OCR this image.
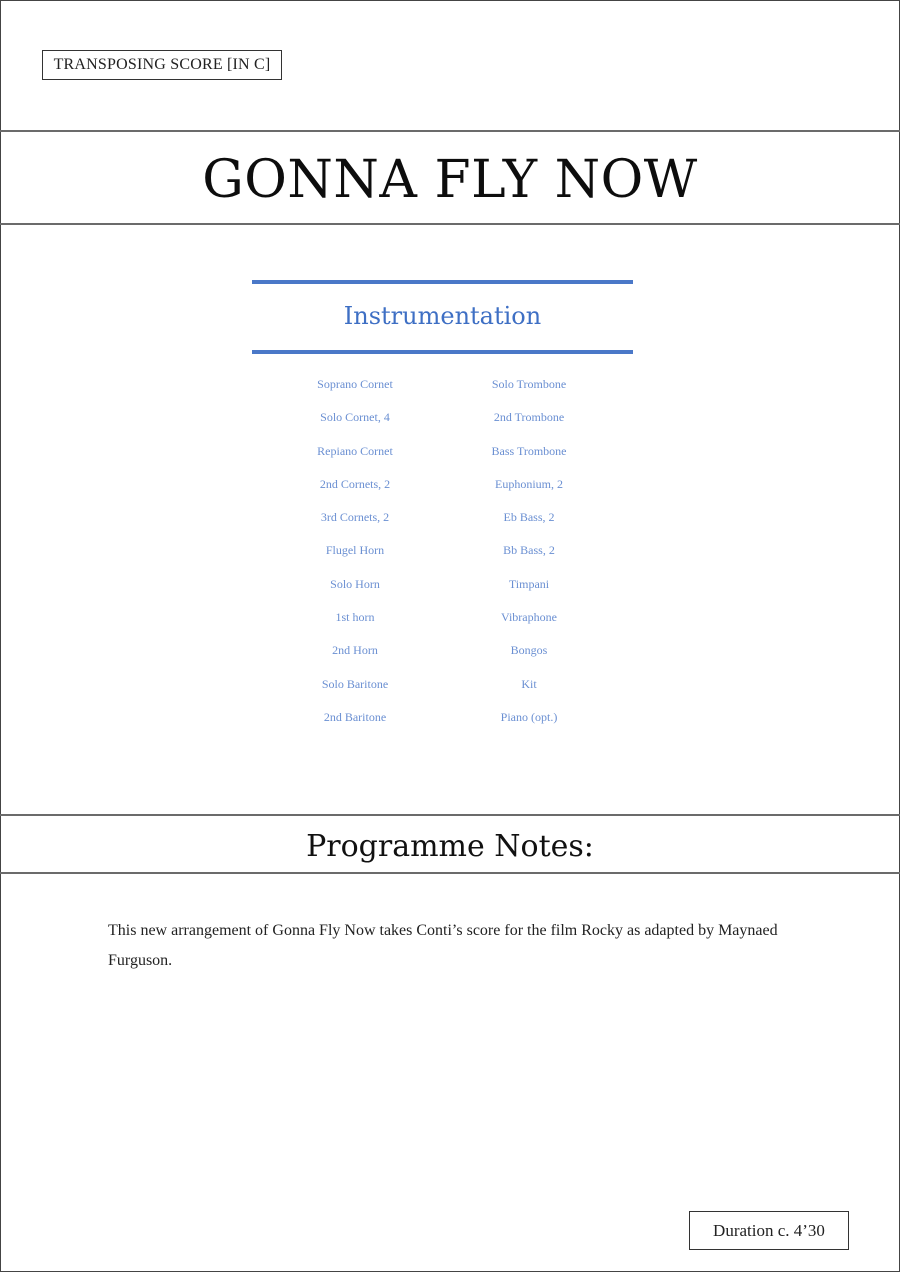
TRANSPOSING SCORE [IN C]
GONNA FLY NOW
Instrumentation
Soprano Cornet
Solo Cornet, 4
Repiano Cornet
2nd Cornets, 2
3rd Cornets, 2
Flugel Horn
Solo Horn
1st horn
2nd Horn
Solo Baritone
2nd Baritone
Solo Trombone
2nd Trombone
Bass Trombone
Euphonium, 2
Eb Bass, 2
Bb Bass, 2
Timpani
Vibraphone
Bongos
Kit
Piano (opt.)
Programme Notes:

This new arrangement of Gonna Fly Now takes Conti’s score for the film Rocky as adapted by Maynaed Furguson.

Duration c. 4’30
